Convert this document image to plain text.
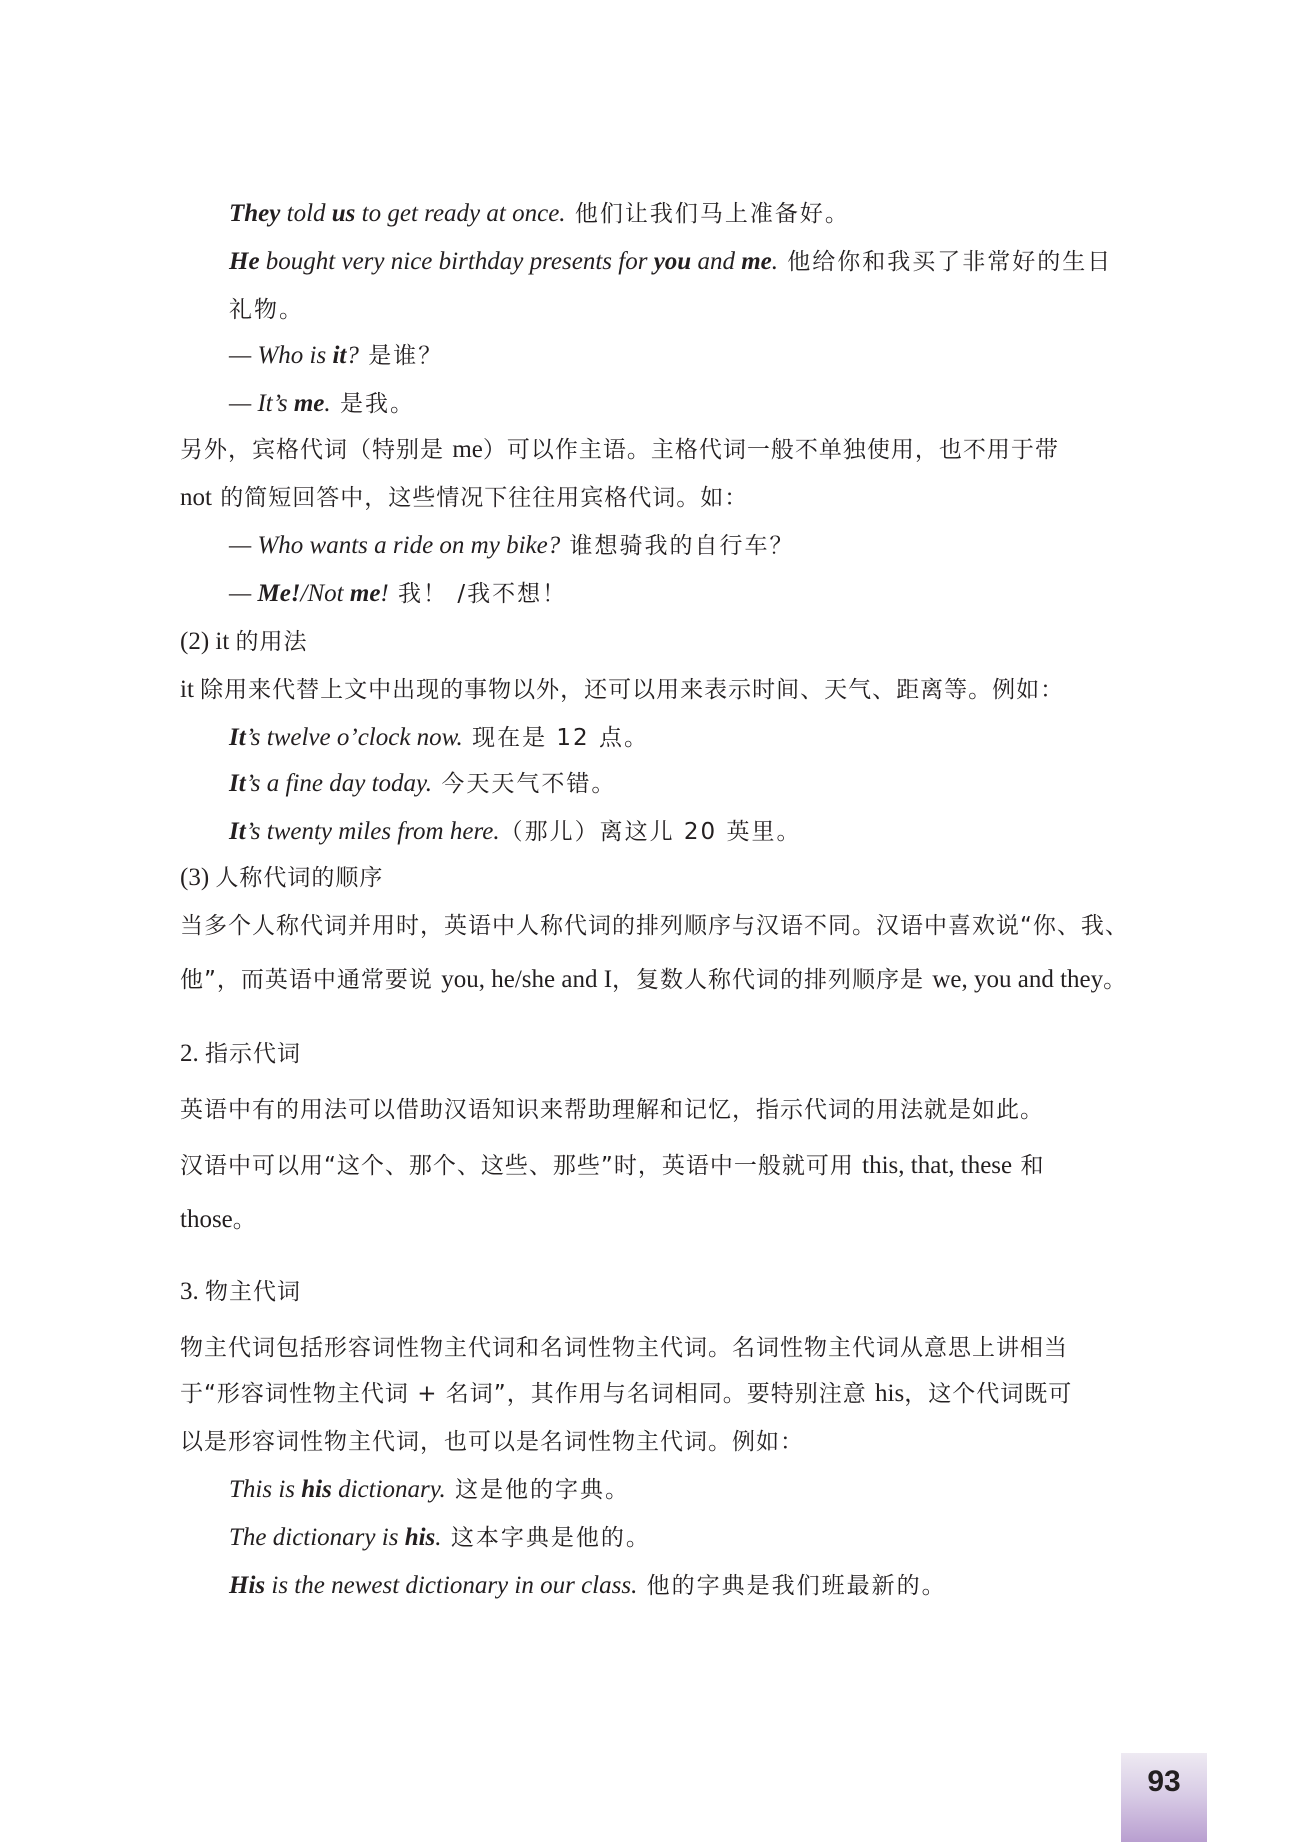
They told us to get ready at once. 他们让我们马上准备好。
He bought very nice birthday presents for you and me. 他给你和我买了非常好的生日
礼物。
— Who is it? 是谁？
— It’s me. 是我。
另外，宾格代词（特别是 me）可以作主语。主格代词一般不单独使用，也不用于带
not 的简短回答中，这些情况下往往用宾格代词。如：
— Who wants a ride on my bike? 谁想骑我的自行车？
— Me!/Not me! 我！ /我不想！
(2) it 的用法
it 除用来代替上文中出现的事物以外，还可以用来表示时间、天气、距离等。例如：
It’s twelve o’clock now. 现在是 12 点。
It’s a fine day today. 今天天气不错。
It’s twenty miles from here.（那儿）离这儿 20 英里。
(3) 人称代词的顺序
当多个人称代词并用时，英语中人称代词的排列顺序与汉语不同。汉语中喜欢说“你、我、
他”，而英语中通常要说 you, he/she and I，复数人称代词的排列顺序是 we, you and they。
2. 指示代词
英语中有的用法可以借助汉语知识来帮助理解和记忆，指示代词的用法就是如此。
汉语中可以用“这个、那个、这些、那些”时，英语中一般就可用 this, that, these 和
those。
3. 物主代词
物主代词包括形容词性物主代词和名词性物主代词。名词性物主代词从意思上讲相当
于“形容词性物主代词 + 名词”，其作用与名词相同。要特别注意 his，这个代词既可
以是形容词性物主代词，也可以是名词性物主代词。例如：
This is his dictionary. 这是他的字典。
The dictionary is his. 这本字典是他的。
His is the newest dictionary in our class. 他的字典是我们班最新的。
93
